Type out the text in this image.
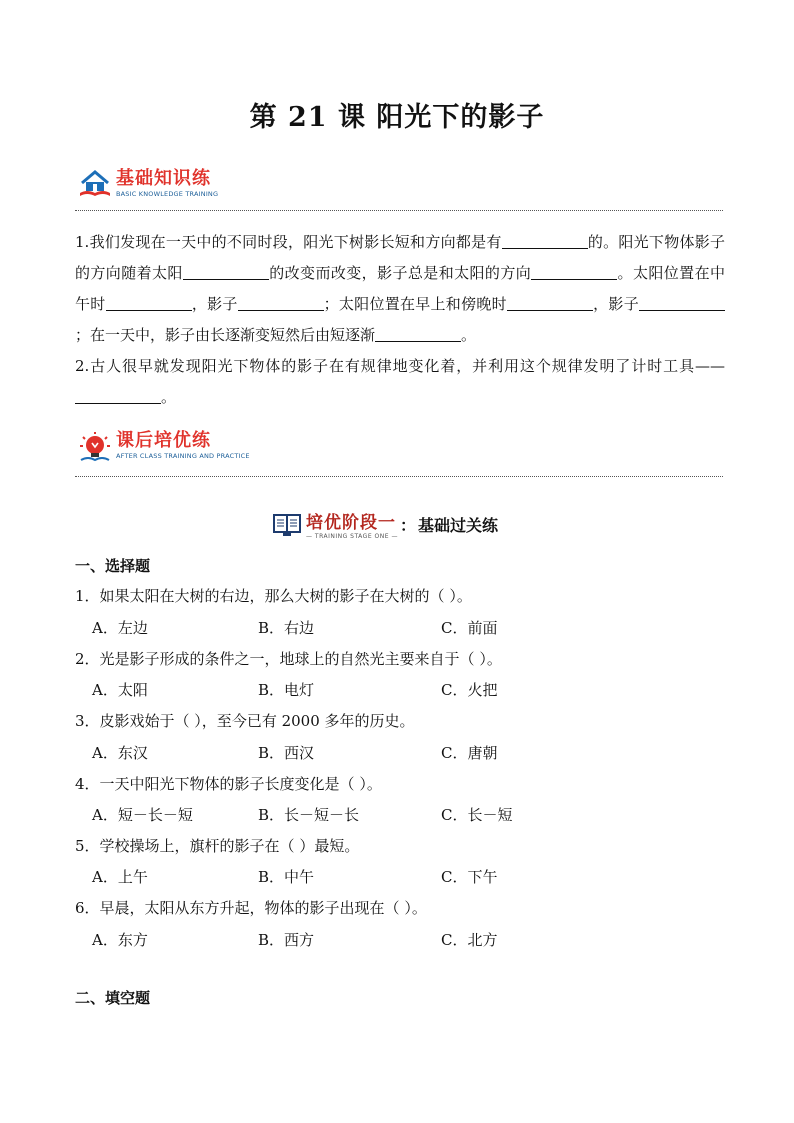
第 21 课 阳光下的影子
基础知识练
BASIC KNOWLEDGE TRAINING
1.我们发现在一天中的不同时段，阳光下树影长短和方向都是有	的。阳光下物体影子的方向随着太阳	的改变而改变，影子总是和太阳的方向	。太阳位置在中午时	，影子	；太阳位置在早上和傍晚时	，影子；在一天中，影子由长逐渐变短然后由短逐渐	。
2.古人很早就发现阳光下物体的影子在有规律地变化着，并利用这个规律发明了计时工具——。
课后培优练
AFTER CLASS TRAINING AND PRACTICE
培优阶段一
— TRAINING STAGE ONE —
： 基础过关练
一、选择题
1．如果太阳在大树的右边，那么大树的影子在大树的（ ）。
A．左边	B．右边	C．前面
2．光是影子形成的条件之一，地球上的自然光主要来自于（ ）。
A．太阳	B．电灯	C．火把
3．皮影戏始于（ ），至今已有 2000 多年的历史。
A．东汉	B．西汉	C．唐朝
4．一天中阳光下物体的影子长度变化是（ ）。
A．短－长－短	B．长－短－长	C．长－短
5．学校操场上，旗杆的影子在（ ）最短。
A．上午	B．中午	C．下午
6．早晨，太阳从东方升起，物体的影子出现在（ ）。
A．东方	B．西方	C．北方
二、填空题
